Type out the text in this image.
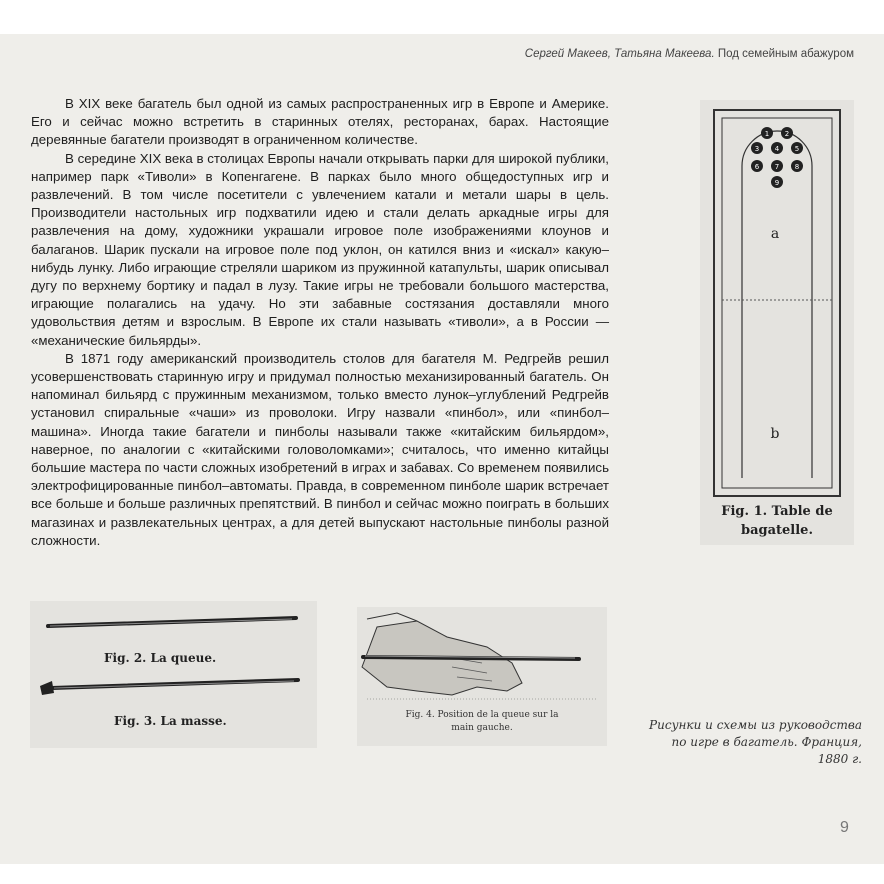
Сергей Макеев, Татьяна Макеева. Под семейным абажуром

В XIX веке багатель был одной из самых распространенных игр в Европе и Америке. Его и сейчас можно встретить в старинных отелях, ресторанах, барах. Настоящие деревянные багатели производят в ограниченном количестве.

В середине XIX века в столицах Европы начали открывать парки для широкой публики, например парк «Тиволи» в Копенгагене. В парках было много общедоступных игр и развлечений. В том числе посетители с увлечением катали и метали шары в цель. Производители настольных игр подхватили идею и стали делать аркадные игры для развлечения на дому, художники украшали игровое поле изображениями клоунов и балаганов. Шарик пускали на игровое поле под уклон, он катился вниз и «искал» какую–нибудь лунку. Либо играющие стреляли шариком из пружинной катапульты, шарик описывал дугу по верхнему бортику и падал в лузу. Такие игры не требовали большого мастерства, играющие полагались на удачу. Но эти забавные состязания доставляли много удовольствия детям и взрослым. В Европе их стали называть «тиволи», а в России — «механические бильярды».

В 1871 году американский производитель столов для багателя М. Редгрейв решил усовершенствовать старинную игру и придумал полностью механизированный багатель. Он напоминал бильярд с пружинным механизмом, только вместо лунок–углублений Редгрейв установил спиральные «чаши» из проволоки. Игру назвали «пинбол», или «пинбол–машина». Иногда такие багатели и пинболы называли также «китайским бильярдом», наверное, по аналогии с «китайскими головоломками»; считалось, что именно китайцы большие мастера по части сложных изобретений в играх и забавах. Со временем появились электрофицированные пинбол–автоматы. Правда, в современном пинболе шарик встречает все больше и больше различных препятствий. В пинбол и сейчас можно поиграть в больших магазинах и развлекательных центрах, а для детей выпускают настольные пинболы разной сложности.

1 2
3 4 5
6 7 8
9
a
b
Fig. 1. Table de
bagatelle.
Fig. 2. La queue.
Fig. 3. La masse.	Fig. 4. Position de la queue sur la
main gauche.	Рисунки и схемы из руководства
по игре в багатель. Франция, 1880 г.
9
